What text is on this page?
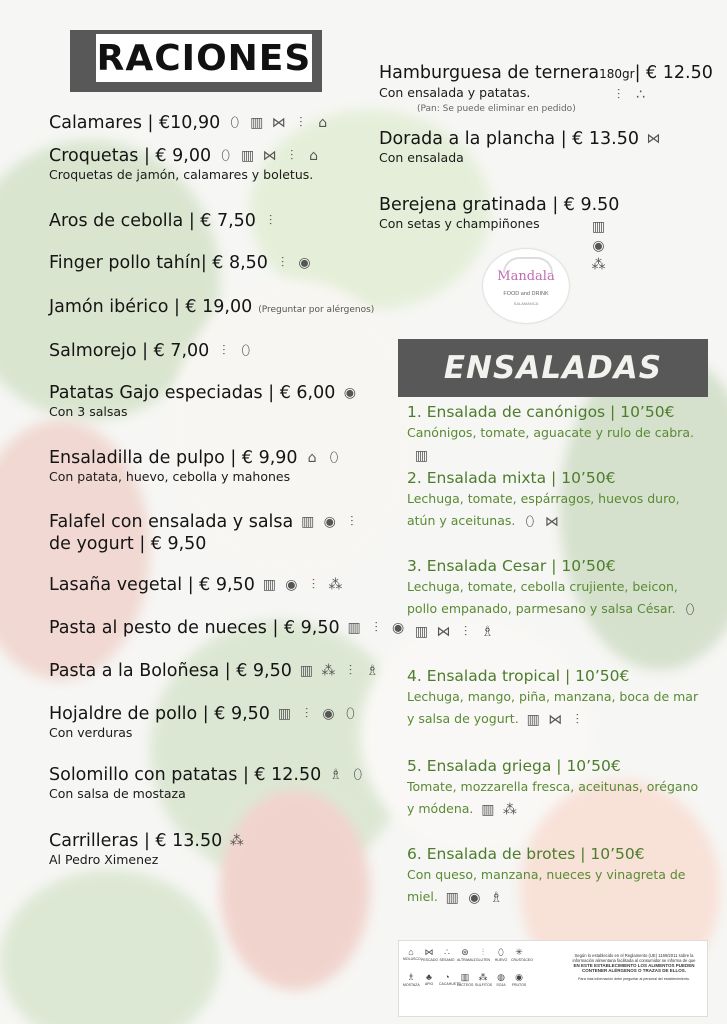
RACIONES
ENSALADAS
Calamares | €10,90 ⬯ ▥ ⋈ ⫶ ⌂
Croquetas | € 9,00 ⬯ ▥ ⋈ ⫶ ⌂
Croquetas de jamón, calamares y boletus.
Aros de cebolla | € 7,50 ⫶
Finger pollo tahín| € 8,50 ⫶ ◉
Jamón ibérico | € 19,00 (Preguntar por alérgenos)
Salmorejo | € 7,00 ⫶ ⬯
Patatas Gajo especiadas | € 6,00 ◉
Con 3 salsas
Ensaladilla de pulpo | € 9,90 ⌂ ⬯
Con patata, huevo, cebolla y mahones
Falafel con ensalada y salsa ▥ ◉ ⫶
de yogurt | € 9,50
Lasaña vegetal | € 9,50 ▥ ◉ ⫶ ⁂
Pasta al pesto de nueces | € 9,50 ▥ ⫶ ◉
Pasta a la Boloñesa | € 9,50 ▥ ⁂ ⫶ ♗
Hojaldre de pollo | € 9,50 ▥ ⫶ ◉ ⬯
Con verduras
Solomillo con patatas | € 12.50 ♗ ⬯
Con salsa de mostaza
Carrilleras | € 13.50 ⁂
Al Pedro Ximenez
Hamburguesa de ternera180gr| € 12.50
Con ensalada y patatas.
(Pan: Se puede eliminar en pedido)
⫶ ∴
Dorada a la plancha | € 13.50 ⋈
Con ensalada
Berejena gratinada | € 9.50
Con setas y champiñones	▥◉⁂
Mandala
FOOD and DRINK
SALAMANCA
1. Ensalada de canónigos | 10’50€
Canónigos, tomate, aguacate y rulo de cabra.▥
2. Ensalada mixta | 10’50€
Lechuga, tomate, espárragos, huevos duro, atún y aceitunas. ⬯ ⋈
3. Ensalada Cesar | 10’50€
Lechuga, tomate, cebolla crujiente, beicon, pollo empanado, parmesano y salsa César. ⬯▥ ⋈ ⫶ ♗
4. Ensalada tropical | 10’50€
Lechuga, mango, piña, manzana, boca de mar y salsa de yogurt. ▥ ⋈ ⫶
5. Ensalada griega | 10’50€
Tomate, mozzarella fresca, aceitunas, orégano y módena. ▥ ⁂
6. Ensalada de brotes | 10’50€
Con queso, manzana, nueces y vinagreta de miel. ▥ ◉ ♗
⌂
MOLUSCO
⋈
PESCADO
∴
SESAMO
⊛
ALTRAMUZ
⫶
GLUTEN
⬯
HUEVO
✳
CRUSTÁCEO
♗
MOSTAZA
♣
APIO
◔
CACAHUETE
▥
LÁCTEOS
⁂
SULFITOS
◍
SOJA
◉
FRUTOS
Según lo establecido en el Reglamento (UE) 1169/2011 sobre la información alimentaria facilitada al consumidor se informa de que
EN ESTE ESTABLECIMIENTO LOS ALIMENTOS PUEDEN CONTENER ALÉRGENOS O TRAZAS DE ELLOS.
Para más información debe preguntar al personal del establecimiento.
